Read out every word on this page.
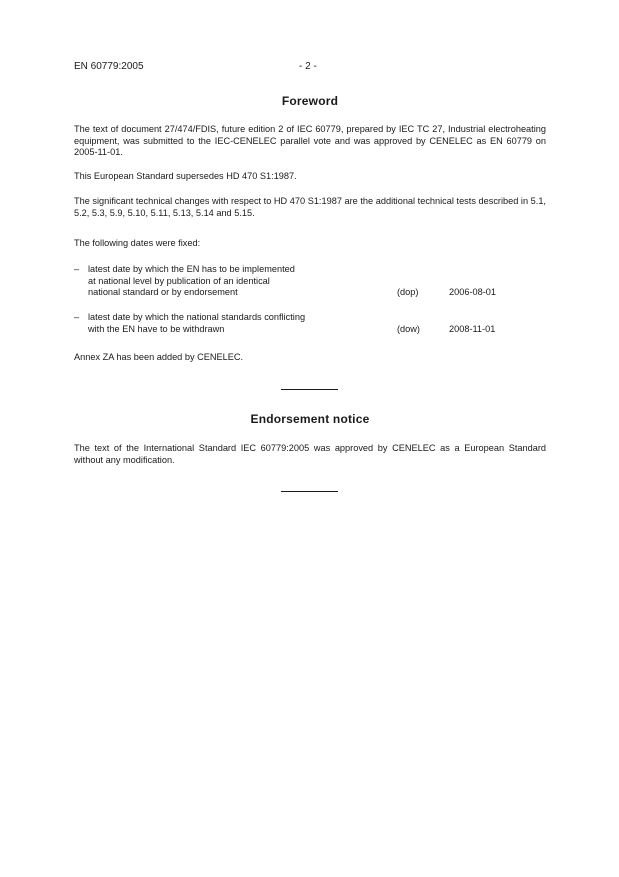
EN 60779:2005	- 2 -
Foreword
The text of document 27/474/FDIS, future edition 2 of IEC 60779, prepared by IEC TC 27, Industrial electroheating equipment, was submitted to the IEC-CENELEC parallel vote and was approved by CENELEC as EN 60779 on 2005-11-01.
This European Standard supersedes HD 470 S1:1987.
The significant technical changes with respect to HD 470 S1:1987 are the additional technical tests described in 5.1, 5.2, 5.3, 5.9, 5.10, 5.11, 5.13, 5.14 and 5.15.
The following dates were fixed:
– latest date by which the EN has to be implemented
at national level by publication of an identical
national standard or by endorsement	(dop)	2006-08-01
– latest date by which the national standards conflicting
with the EN have to be withdrawn	(dow)	2008-11-01
Annex ZA has been added by CENELEC.
Endorsement notice
The text of the International Standard IEC 60779:2005 was approved by CENELEC as a European Standard without any modification.
